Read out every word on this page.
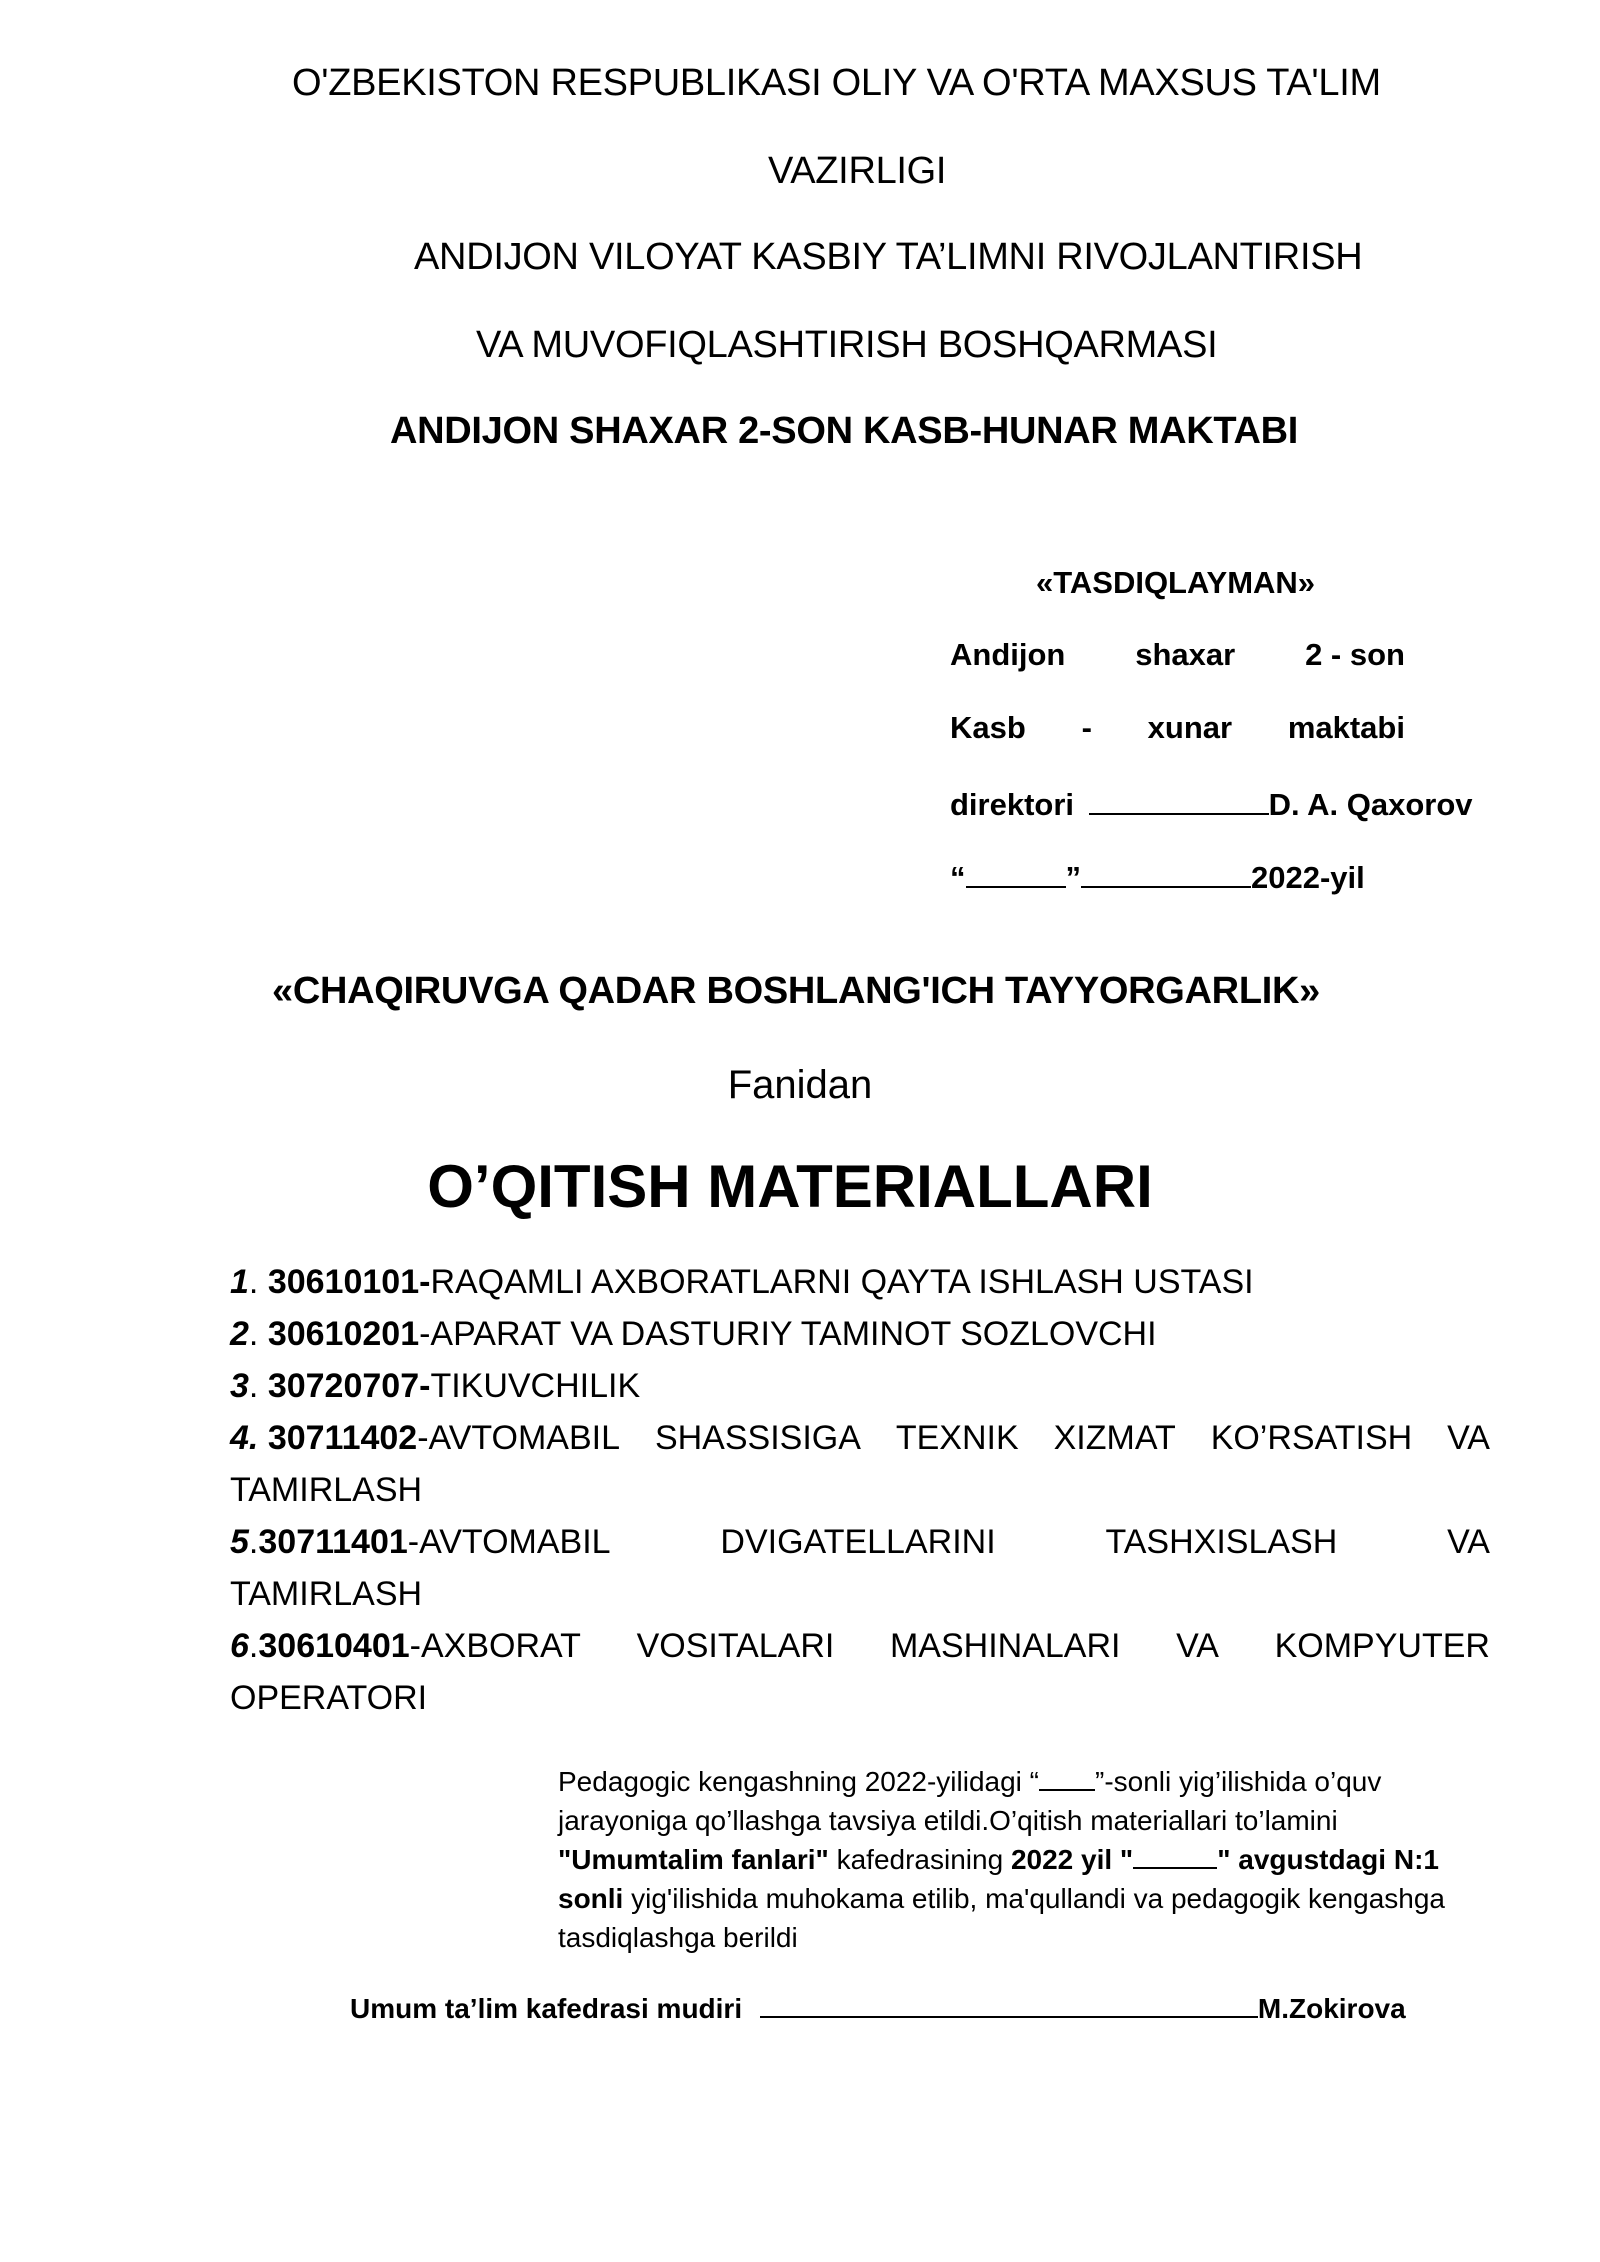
O'ZBEKISTON RESPUBLIKASI OLIY VA O'RTA MAXSUS TA'LIM
VAZIRLIGI
ANDIJON VILOYAT KASBIY TA’LIMNI RIVOJLANTIRISH
VA MUVOFIQLASHTIRISH BOSHQARMASI
ANDIJON SHAXAR 2-SON KASB-HUNAR MAKTABI
«TASDIQLAYMAN»
Andijon shaxar 2 - son
Kasb - xunar maktabi
direktori	D. A. Qaxorov
“	”	2022-yil
«CHAQIRUVGA QADAR BOSHLANG'ICH TAYYORGARLIK»
Fanidan
O’QITISH MATERIALLARI
1. 30610101-RAQAMLI AXBORATLARNI QAYTA ISHLASH USTASI
2. 30610201-APARAT VA DASTURIY TAMINOT SOZLOVCHI
3. 30720707-TIKUVCHILIK
4. 30711402-AVTOMABIL SHASSISIGA TEXNIK XIZMAT KO’RSATISH VA
TAMIRLASH
5.30711401-AVTOMABIL	DVIGATELLARINI	TASHXISLASH	VA
TAMIRLASH
6.30610401-AXBORAT VOSITALARI MASHINALARI VA KOMPYUTER
OPERATORI
Pedagogic kengashning 2022-yilidagi “ ”-sonli yig’ilishida o’quv
jarayoniga qo’llashga tavsiya etildi.O’qitish materiallari to’lamini
"Umumtalim fanlari" kafedrasining 2022 yil "	" avgustdagi N:1
sonli yig'ilishida muhokama etilib, ma'qullandi va pedagogik kengashga
tasdiqlashga berildi
Umum ta’lim kafedrasi mudiri	M.Zokirova
